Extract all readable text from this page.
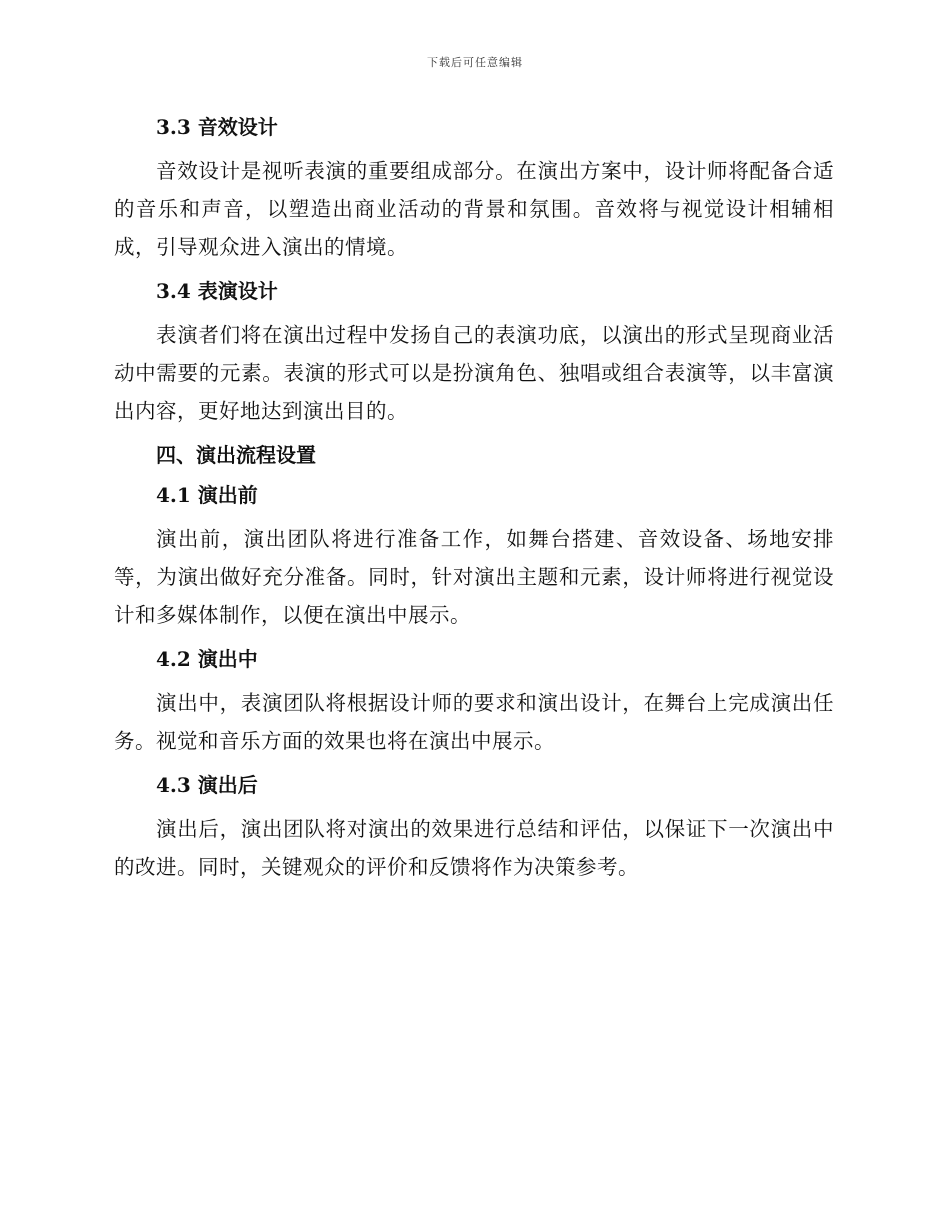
下载后可任意编辑
3.3 音效设计

音效设计是视听表演的重要组成部分。在演出方案中，设计师将配备合适的音乐和声音，以塑造出商业活动的背景和氛围。音效将与视觉设计相辅相成，引导观众进入演出的情境。

3.4 表演设计

表演者们将在演出过程中发扬自己的表演功底，以演出的形式呈现商业活动中需要的元素。表演的形式可以是扮演角色、独唱或组合表演等，以丰富演出内容，更好地达到演出目的。

四、演出流程设置
4.1 演出前

演出前，演出团队将进行准备工作，如舞台搭建、音效设备、场地安排等，为演出做好充分准备。同时，针对演出主题和元素，设计师将进行视觉设计和多媒体制作，以便在演出中展示。

4.2 演出中

演出中，表演团队将根据设计师的要求和演出设计，在舞台上完成演出任务。视觉和音乐方面的效果也将在演出中展示。

4.3 演出后

演出后，演出团队将对演出的效果进行总结和评估，以保证下一次演出中的改进。同时，关键观众的评价和反馈将作为决策参考。
